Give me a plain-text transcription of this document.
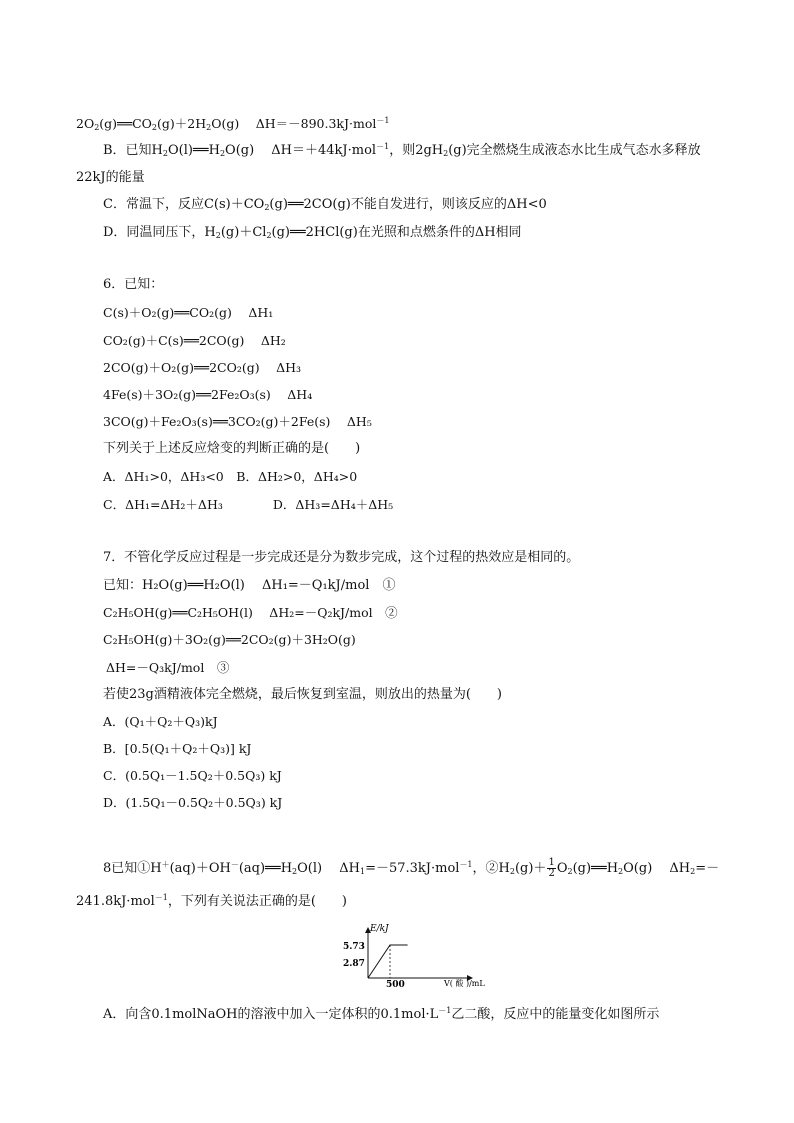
$2O_2(g)══CO_2(g)+2H_2O(g)$　 ΔH＝－890.3kJ·mol$^{-1}$
B．已知$H_2O(l)══H_2O(g)$　 ΔH＝＋44kJ·mol$^{-1}$，则$2gH_2(g)$完全燃烧生成液态水比生成气态水多释放
22kJ的能量
C．常温下，反应$C(s)+CO_2(g)══2CO(g)$不能自发进行，则该反应的ΔH<0
D．同温同压下，$H_2(g)+Cl_2(g)══2HCl(g)$在光照和点燃条件的ΔH相同
6．已知：
C(s)＋O₂(g)══CO₂(g)　 ΔH₁
CO₂(g)＋C(s)══2CO(g)　 ΔH₂
2CO(g)＋O₂(g)══2CO₂(g)　 ΔH₃
4Fe(s)＋3O₂(g)══2Fe₂O₃(s)　 ΔH₄
3CO(g)＋Fe₂O₃(s)══3CO₂(g)＋2Fe(s)　 ΔH₅
下列关于上述反应焓变的判断正确的是(　　)
A．ΔH₁>0，ΔH₃<0　B．ΔH₂>0，ΔH₄>0
C．ΔH₁=ΔH₂＋ΔH₃　　　　D．ΔH₃=ΔH₄＋ΔH₅
7．不管化学反应过程是一步完成还是分为数步完成，这个过程的热效应是相同的。
已知：H₂O(g)══H₂O(l)　 ΔH₁=－Q₁kJ/mol　①
C₂H₅OH(g)══C₂H₅OH(l)　 ΔH₂=－Q₂kJ/mol　②
C₂H₅OH(g)＋3O₂(g)══2CO₂(g)＋3H₂O(g)
ΔH=－Q₃kJ/mol　③
若使23g酒精液体完全燃烧，最后恢复到室温，则放出的热量为(　　)
A．(Q₁＋Q₂＋Q₃)kJ
B．[0.5(Q₁＋Q₂＋Q₃)] kJ
C．(0.5Q₁－1.5Q₂＋0.5Q₃) kJ
D．(1.5Q₁－0.5Q₂＋0.5Q₃) kJ
8已知$①H^+(aq)+OH^-(aq)══H_2O(l)$　 $\Delta H_1=-57.3kJ\cdot mol^{-1}$，$②H_2(g)+ \frac{1}{2}$ $O_2(g)══H_2O(g)$　 $\Delta H_2=-$
241.8kJ·mol$^{-1}$，下列有关说法正确的是(　　)
E/kJ
V( 酸 )/mL
5.73
2.87
500
A．向含0.1molNaOH的溶液中加入一定体积的$0.1mol\cdot L^{-1}$乙二酸，反应中的能量变化如图所示
